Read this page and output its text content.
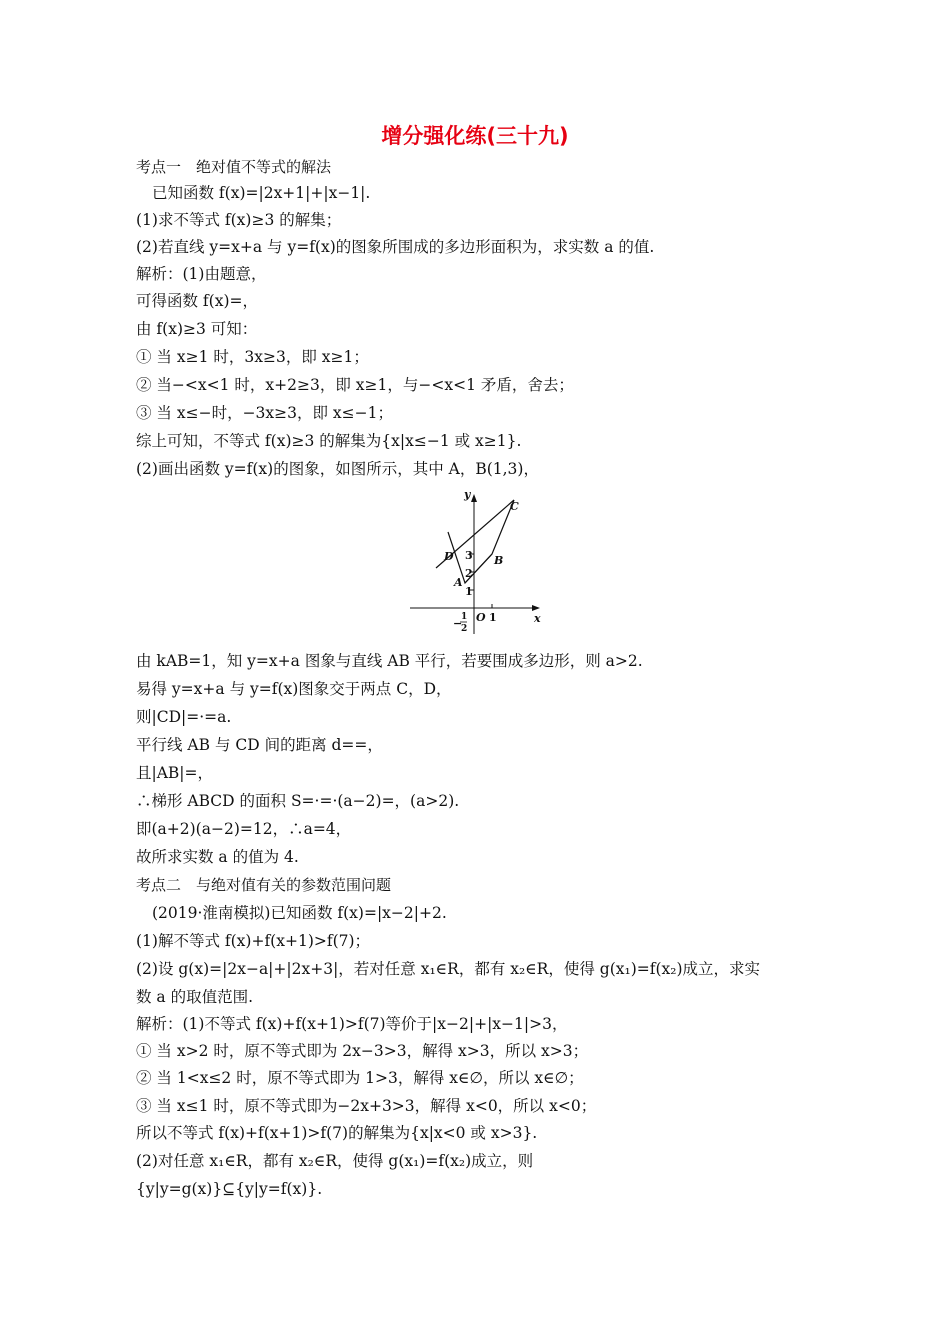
增分强化练(三十九)
考点一　绝对值不等式的解法
已知函数 f(x)=|2x+1|+|x−1|.
(1)求不等式 f(x)≥3 的解集；
(2)若直线 y=x+a 与 y=f(x)的图象所围成的多边形面积为，求实数 a 的值.
解析：(1)由题意，
可得函数 f(x)=，
由 f(x)≥3 可知：
① 当 x≥1 时，3x≥3，即 x≥1；
② 当−<x<1 时，x+2≥3，即 x≥1，与−<x<1 矛盾，舍去；
③ 当 x≤−时，−3x≥3，即 x≤−1；
综上可知，不等式 f(x)≥3 的解集为{x|x≤−1 或 x≥1}.
(2)画出函数 y=f(x)的图象，如图所示，其中 A，B(1,3)，
y
x
O
C
D	B
A
3
2
1
1
−
1
2
由 kAB=1，知 y=x+a 图象与直线 AB 平行，若要围成多边形，则 a>2.
易得 y=x+a 与 y=f(x)图象交于两点 C，D，
则|CD|=·=a.
平行线 AB 与 CD 间的距离 d==，
且|AB|=，
∴梯形 ABCD 的面积 S=·=·(a−2)=，(a>2).
即(a+2)(a−2)=12，∴a=4，
故所求实数 a 的值为 4.
考点二　与绝对值有关的参数范围问题
(2019·淮南模拟)已知函数 f(x)=|x−2|+2.
(1)解不等式 f(x)+f(x+1)>f(7)；
(2)设 g(x)=|2x−a|+|2x+3|，若对任意 x₁∈R，都有 x₂∈R，使得 g(x₁)=f(x₂)成立，求实
数 a 的取值范围.
解析：(1)不等式 f(x)+f(x+1)>f(7)等价于|x−2|+|x−1|>3，
① 当 x>2 时，原不等式即为 2x−3>3，解得 x>3，所以 x>3；
② 当 1<x≤2 时，原不等式即为 1>3，解得 x∈∅，所以 x∈∅；
③ 当 x≤1 时，原不等式即为−2x+3>3，解得 x<0，所以 x<0；
所以不等式 f(x)+f(x+1)>f(7)的解集为{x|x<0 或 x>3}.
(2)对任意 x₁∈R，都有 x₂∈R，使得 g(x₁)=f(x₂)成立，则
{y|y=g(x)}⊆{y|y=f(x)}.
